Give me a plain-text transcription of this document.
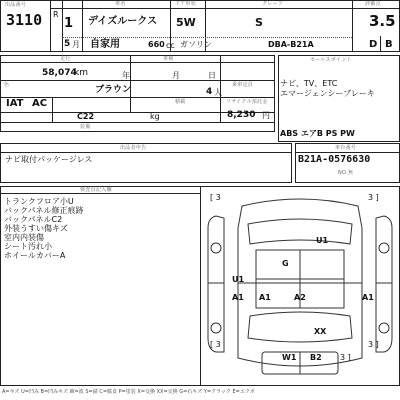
出品番号
3110 R
1
5 月
車名
デイズルークス
自家用
ドア形状
5W
660 cc ガソリン
グレード
S
DBA-B21A
評価点
3.5
D B
走行
58,074
km
車検
年	月	日
色	ブラウン	乗車定員
4 人
IAT AC
C22
積載
kg
リサイクル預託金
8,230 円
装備
セールスポイント
ナビ、TV、ETC
エマージェンシーブレーキ
ABS エアB PS PW
出品者申告
ナビ取付パッケージレス
車台番号
B21A-0576630
NO.無
検査員記入欄
トランクフロア小U
バックパネル修正痕跡
バックパネルC2
外装うすい傷キズ
室内内装傷
シート汚れ小
ホイールカバーA
[ 3	3 ]
U1
G
U1
A1 A1	A1
A2
XX
W1 B2
[ 3	3 ]
3 ]
A=キズ U=凹み B=凹みキズ W=波 S=錆 C=腐食 P=塗装 X=交換 XX=交換 G=石キズ Y=クラック E=エクボ
